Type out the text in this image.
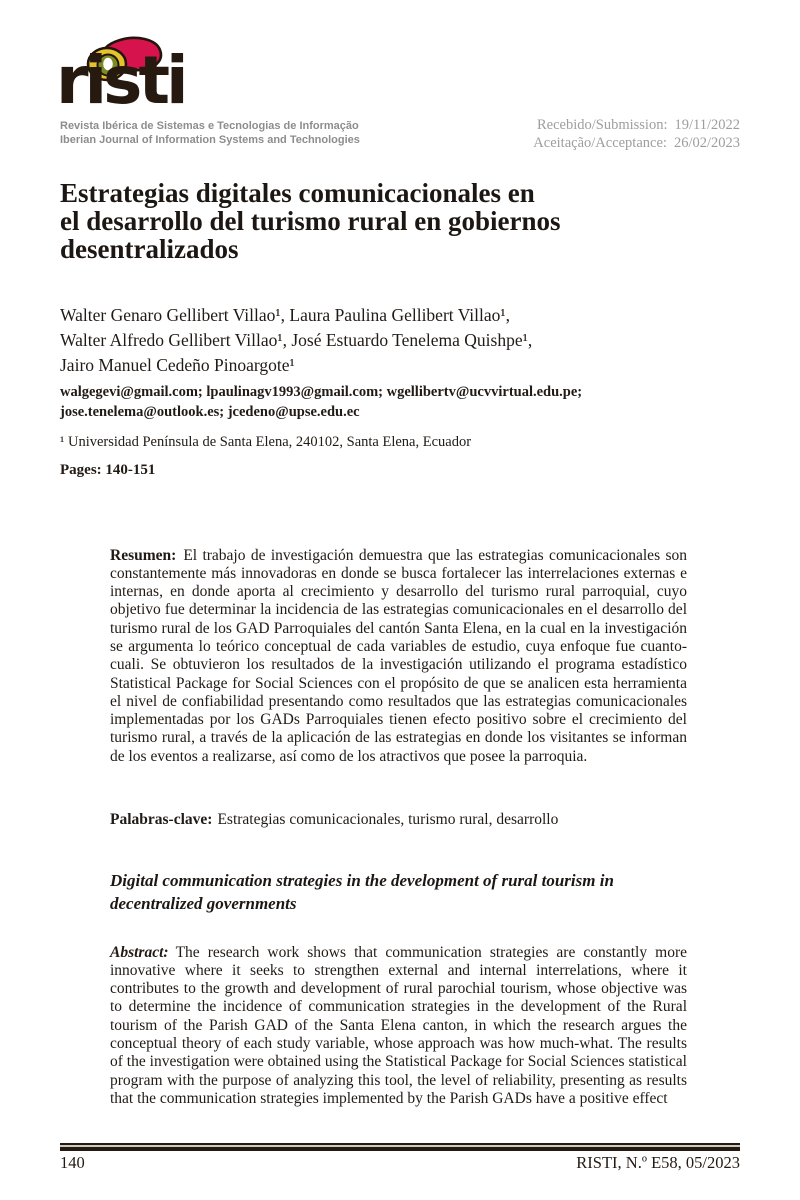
risti
Revista Ibérica de Sistemas e Tecnologias de Informação
Iberian Journal of Information Systems and Technologies
Recebido/Submission: 19/11/2022
Aceitação/Acceptance: 26/02/2023
Estrategias digitales comunicacionales en
el desarrollo del turismo rural en gobiernos
desentralizados
Walter Genaro Gellibert Villao¹, Laura Paulina Gellibert Villao¹,
Walter Alfredo Gellibert Villao¹, José Estuardo Tenelema Quishpe¹,
Jairo Manuel Cedeño Pinoargote¹
walgegevi@gmail.com; lpaulinagv1993@gmail.com; wgellibertv@ucvvirtual.edu.pe;
jose.tenelema@outlook.es; jcedeno@upse.edu.ec
¹ Universidad Península de Santa Elena, 240102, Santa Elena, Ecuador
Pages: 140-151

Resumen: El trabajo de investigación demuestra que las estrategias comunicacionales son constantemente más innovadoras en donde se busca fortalecer las interrelaciones externas e internas, en donde aporta al crecimiento y desarrollo del turismo rural parroquial, cuyo objetivo fue determinar la incidencia de las estrategias comunicacionales en el desarrollo del turismo rural de los GAD Parroquiales del cantón Santa Elena, en la cual en la investigación se argumenta lo teórico conceptual de cada variables de estudio, cuya enfoque fue cuanto-cuali. Se obtuvieron los resultados de la investigación utilizando el programa estadístico Statistical Package for Social Sciences con el propósito de que se analicen esta herramienta el nivel de confiabilidad presentando como resultados que las estrategias comunicacionales implementadas por los GADs Parroquiales tienen efecto positivo sobre el crecimiento del turismo rural, a través de la aplicación de las estrategias en donde los visitantes se informan de los eventos a realizarse, así como de los atractivos que posee la parroquia.

Palabras-clave: Estrategias comunicacionales, turismo rural, desarrollo

Digital communication strategies in the development of rural tourism in decentralized governments

Abstract: The research work shows that communication strategies are constantly more innovative where it seeks to strengthen external and internal interrelations, where it contributes to the growth and development of rural parochial tourism, whose objective was to determine the incidence of communication strategies in the development of the Rural tourism of the Parish GAD of the Santa Elena canton, in which the research argues the conceptual theory of each study variable, whose approach was how much-what. The results of the investigation were obtained using the Statistical Package for Social Sciences statistical program with the purpose of analyzing this tool, the level of reliability, presenting as results that the communication strategies implemented by the Parish GADs have a positive effect

140	RISTI, N.º E58, 05/2023
